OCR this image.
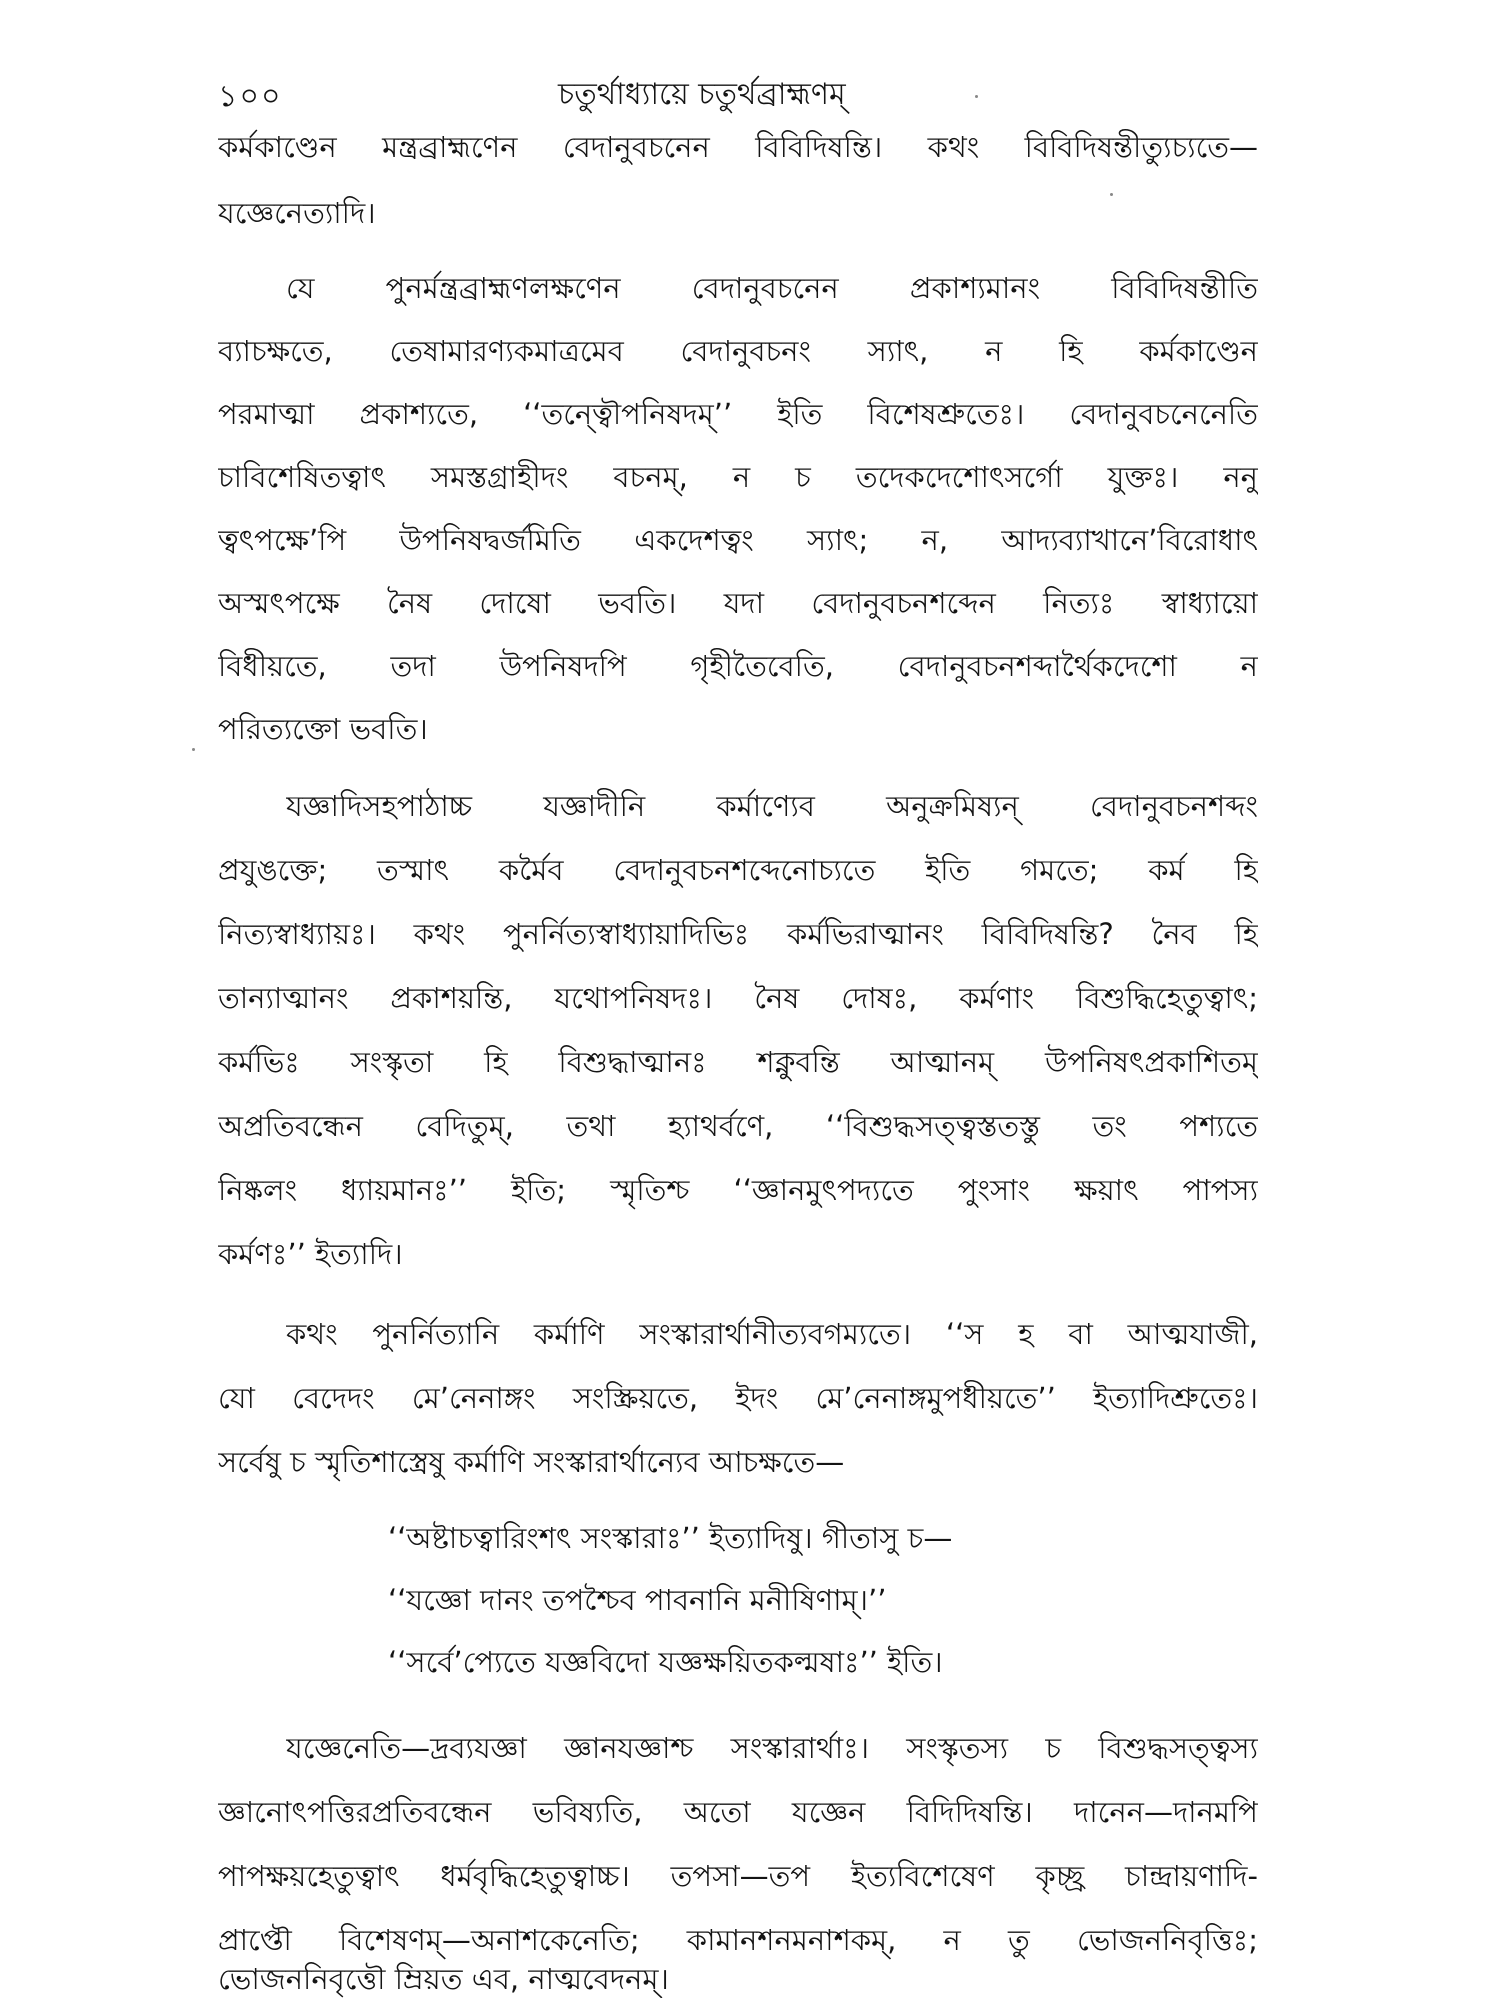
১০০	চতুর্থাধ্যায়ে চতুর্থব্রাহ্মণম্
কর্মকাণ্ডেন মন্ত্রব্রাহ্মণেন বেদানুবচনেন বিবিদিষন্তি। কথং বিবিদিষন্তীত্যুচ্যতে—
যজ্ঞেনেত্যাদি।
যে পুনর্মন্ত্রব্রাহ্মণলক্ষণেন বেদানুবচনেন প্রকাশ্যমানং বিবিদিষন্তীতি
ব্যাচক্ষতে, তেষামারণ্যকমাত্রমেব বেদানুবচনং স্যাৎ, ন হি কর্মকাণ্ডেন
পরমাত্মা প্রকাশ্যতে, ‘‘তন্ত্বৌপনিষদম্’’ ইতি বিশেষশ্রুতেঃ। বেদানুবচনেনেতি
চাবিশেষিতত্বাৎ সমস্তগ্রাহীদং বচনম্, ন চ তদেকদেশোৎসর্গো যুক্তঃ। ননু
ত্বৎপক্ষে’পি উপনিষদ্বর্জমিতি একদেশত্বং স্যাৎ; ন, আদ্যব্যাখানে’বিরোধাৎ
অস্মৎপক্ষে নৈষ দোষো ভবতি। যদা বেদানুবচনশব্দেন নিত্যঃ স্বাধ্যায়ো
বিধীয়তে, তদা উপনিষদপি গৃহীতৈবেতি, বেদানুবচনশব্দার্থৈকদেশো ন
পরিত্যক্তো ভবতি।
যজ্ঞাদিসহপাঠাচ্চ যজ্ঞাদীনি কর্মাণ্যেব অনুক্রমিষ্যন্ বেদানুবচনশব্দং
প্রযুঙক্তে; তস্মাৎ কর্মৈব বেদানুবচনশব্দেনোচ্যতে ইতি গমতে; কর্ম হি
নিত্যস্বাধ্যায়ঃ। কথং পুনর্নিত্যস্বাধ্যায়াদিভিঃ কর্মভিরাত্মানং বিবিদিষন্তি? নৈব হি
তান্যাত্মানং প্রকাশয়ন্তি, যথোপনিষদঃ। নৈষ দোষঃ, কর্মণাং বিশুদ্ধিহেতুত্বাৎ;
কর্মভিঃ সংস্কৃতা হি বিশুদ্ধাত্মানঃ শক্নুবন্তি আত্মানম্ উপনিষৎপ্রকাশিতম্
অপ্রতিবন্ধেন বেদিতুম্, তথা হ্যাথর্বণে, ‘‘বিশুদ্ধসত্ত্বস্ততস্তু তং পশ্যতে
নিষ্কলং ধ্যায়মানঃ’’ ইতি; স্মৃতিশ্চ ‘‘জ্ঞানমুৎপদ্যতে পুংসাং ক্ষয়াৎ পাপস্য
কর্মণঃ’’ ইত্যাদি।
কথং পুনর্নিত্যানি কর্মাণি সংস্কারার্থানীত্যবগম্যতে। ‘‘স হ বা আত্মযাজী,
যো বেদেদং মে’নেনাঙ্গং সংস্ক্রিয়তে, ইদং মে’নেনাঙ্গমুপধীয়তে’’ ইত্যাদিশ্রুতেঃ।
সর্বেষু চ স্মৃতিশাস্ত্রেষু কর্মাণি সংস্কারার্থান্যেব আচক্ষতে—
‘‘অষ্টাচত্বারিংশৎ সংস্কারাঃ’’ ইত্যাদিষু। গীতাসু চ—
‘‘যজ্ঞো দানং তপশ্চৈব পাবনানি মনীষিণাম্।’’
‘‘সর্বে’প্যেতে যজ্ঞবিদো যজ্ঞক্ষয়িতকল্মষাঃ’’ ইতি।
যজ্ঞেনেতি—দ্রব্যযজ্ঞা জ্ঞানযজ্ঞাশ্চ সংস্কারার্থাঃ। সংস্কৃতস্য চ বিশুদ্ধসত্ত্বস্য
জ্ঞানোৎপত্তিরপ্রতিবন্ধেন ভবিষ্যতি, অতো যজ্ঞেন বিদিদিষন্তি। দানেন—দানমপি
পাপক্ষয়হেতুত্বাৎ ধর্মবৃদ্ধিহেতুত্বাচ্চ। তপসা—তপ ইত্যবিশেষেণ কৃচ্ছ্র চান্দ্রায়ণাদি-
প্রাপ্তৌ বিশেষণম্—অনাশকেনেতি; কামানশনমনাশকম্, ন তু ভোজননিবৃত্তিঃ;
ভোজননিবৃত্তৌ ম্রিয়ত এব, নাত্মবেদনম্।
